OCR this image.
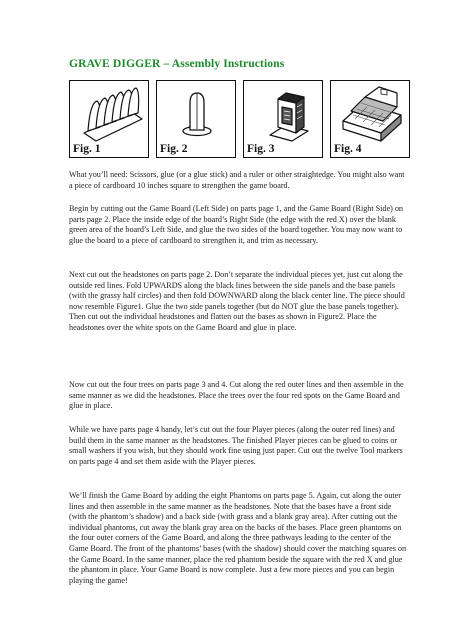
GRAVE DIGGER – Assembly Instructions
Fig. 1	Fig. 2	Fig. 3	Fig. 4

What you’ll need: Scissors, glue (or a glue stick) and a ruler or other straightedge. You might also want a piece of cardboard 10 inches square to strengthen the game board.

Begin by cutting out the Game Board (Left Side) on parts page 1, and the Game Board (Right Side) on parts page 2. Place the inside edge of the board’s Right Side (the edge with the red X) over the blank green area of the board’s Left Side, and glue the two sides of the board together. You may now want to glue the board to a piece of cardboard to strengthen it, and trim as necessary.

Next cut out the headstones on parts page 2. Don’t separate the individual pieces yet, just cut along the outside red lines. Fold UPWARDS along the black lines between the side panels and the base panels (with the grassy half circles) and then fold DOWNWARD along the black center line. The piece should now resemble Figure1. Glue the two side panels together (but do NOT glue the base panels together). Then cut out the individual headstones and flatten out the bases as shown in Figure2. Place the headstones over the white spots on the Game Board and glue in place.

Now cut out the four trees on parts page 3 and 4. Cut along the red outer lines and then assemble in the same manner as we did the headstones. Place the trees over the four red spots on the Game Board and glue in place.

While we have parts page 4 handy, let’s cut out the four Player pieces (along the outer red lines) and build them in the same manner as the headstones. The finished Player pieces can be glued to coins or small washers if you wish, but they should work fine using just paper. Cut out the twelve Tool markers on parts page 4 and set them aside with the Player pieces.

We’ll finish the Game Board by adding the eight Phantoms on parts page 5. Again, cut along the outer lines and then assemble in the same manner as the headstones. Note that the bases have a front side (with the phantom’s shadow) and a back side (with grass and a blank gray area). After cutting out the individual phantoms, cut away the blank gray area on the backs of the bases. Place green phantoms on the four outer corners of the Game Board, and along the three pathways leading to the center of the Game Board. The front of the phantoms’ bases (with the shadow) should cover the matching squares on the Game Board. In the same manner, place the red phantom beside the square with the red X and glue the phantom in place. Your Game Board is now complete. Just a few more pieces and you can begin playing the game!
